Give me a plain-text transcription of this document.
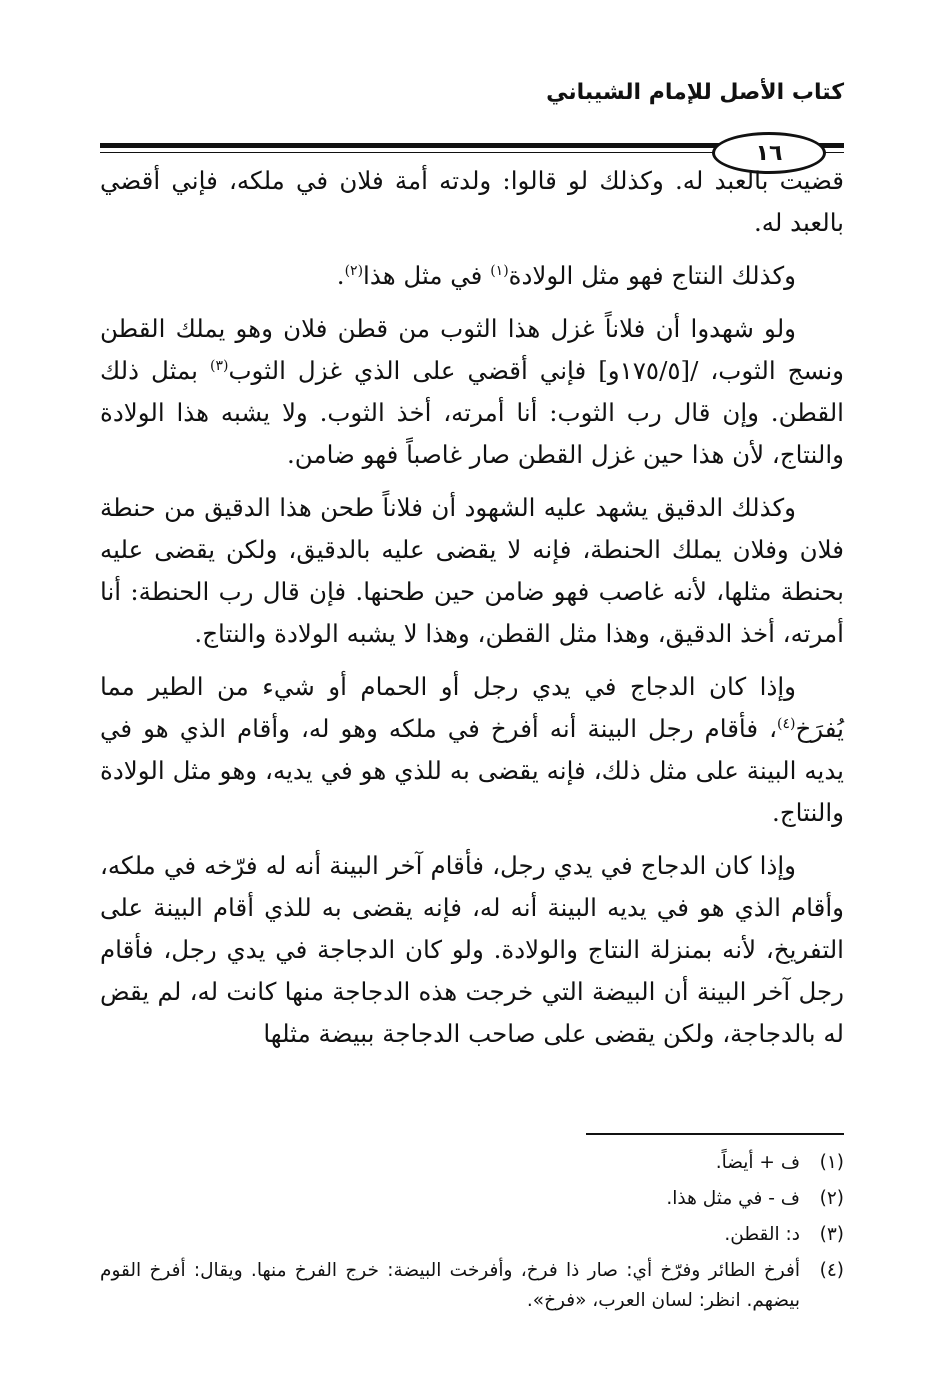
كتاب الأصل للإمام الشيباني
١٦

قضيت بالعبد له. وكذلك لو قالوا: ولدته أمة فلان في ملكه، فإني أقضي بالعبد له.

وكذلك النتاج فهو مثل الولادة$^{(١)}$ في مثل هذا$^{(٢)}$.

ولو شهدوا أن فلاناً غزل هذا الثوب من قطن فلان وهو يملك القطن ونسج الثوب، /[١٧٥/٥و] فإني أقضي على الذي غزل الثوب$^{(٣)}$ بمثل ذلك القطن. وإن قال رب الثوب: أنا أمرته، أخذ الثوب. ولا يشبه هذا الولادة والنتاج، لأن هذا حين غزل القطن صار غاصباً فهو ضامن.

وكذلك الدقيق يشهد عليه الشهود أن فلاناً طحن هذا الدقيق من حنطة فلان وفلان يملك الحنطة، فإنه لا يقضى عليه بالدقيق، ولكن يقضى عليه بحنطة مثلها، لأنه غاصب فهو ضامن حين طحنها. فإن قال رب الحنطة: أنا أمرته، أخذ الدقيق، وهذا مثل القطن، وهذا لا يشبه الولادة والنتاج.

وإذا كان الدجاج في يدي رجل أو الحمام أو شيء من الطير مما يُفرَخ$^{(٤)}$، فأقام رجل البينة أنه أفرخ في ملكه وهو له، وأقام الذي هو في يديه البينة على مثل ذلك، فإنه يقضى به للذي هو في يديه، وهو مثل الولادة والنتاج.

وإذا كان الدجاج في يدي رجل، فأقام آخر البينة أنه له فرّخه في ملكه، وأقام الذي هو في يديه البينة أنه له، فإنه يقضى به للذي أقام البينة على التفريخ، لأنه بمنزلة النتاج والولادة. ولو كان الدجاجة في يدي رجل، فأقام رجل آخر البينة أن البيضة التي خرجت هذه الدجاجة منها كانت له، لم يقض له بالدجاجة، ولكن يقضى على صاحب الدجاجة ببيضة مثلها

(١)
ف + أيضاً.
(٢)
ف - في مثل هذا.
(٣)
د: القطن.
(٤)
أفرخ الطائر وفرّخ أي: صار ذا فرخ، وأفرخت البيضة: خرج الفرخ منها. ويقال: أفرخ القوم بيضهم. انظر: لسان العرب، «فرخ».
